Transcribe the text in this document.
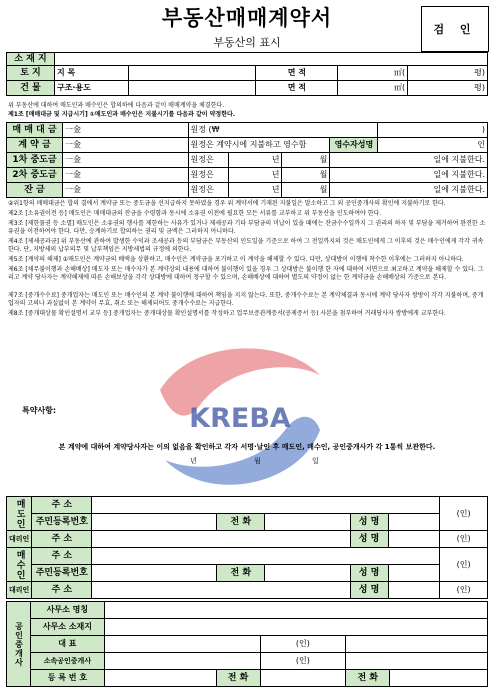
부동산매매계약서
부동산의 표시
검 인
소 재 지					
토 지	지 목		면 적	㎡(	평)
건 물	구조·용도		면 적	㎡(	평)
위 부동산에 대하여 매도인과 매수인은 합의하에 다음과 같이 매매계약을 체결한다.
제1조 [매매대금 및 지급시기] ①매도인과 매수인은 지불시기를 다음과 같이 약정한다.
매 매 대 금	一金	원정 (₩				)
계 약 금	一金	원정은 계약시에 지불하고 영수함			영수자성명	인
1차 중도금	一金	원정은	년	월	일에 지불한다.	
2차 중도금	一金	원정은	년	월	일에 지불한다.	
잔 금	一金	원정은	년	월	일에 지불한다.	
KREBA
②위1항의 매매대금은 합의 결에서 계약금 또는 중도금을 선지급하지 못하였을 경우 위 계약서에 기재된 지불일은 말소하고 그 외 공인중개사의 확인에 지불하기로 한다.
제2조 [소유권이전 등] 매도인은 매매대금의 잔금을 수령함과 동시에 소유권 이전에 필요한 모든 서류를 교부하고 위 부동산을 인도하여야 한다.
제3조 [제한물권 등 소멸] 매도인은 소유권의 행사를 제한하는 사유가 있거나 제세공과 기타 부담금의 미납이 있을 때에는 잔금수수일까지 그 권리의 하자 및 부담을 제거하여 완전한 소유권을 이전하여야 한다. 다만, 승계하기로 합의하는 권리 및 금액은 그러하지 아니하다.
제4조 [제세공과금] 위 부동산에 관하여 발생한 수익과 조세공과 등의 부담금은 부동산의 인도일을 기준으로 하여 그 전일까지의 것은 매도인에게 그 이후의 것은 매수인에게 각각 귀속한다. 단, 지방세의 납부의무 및 납부책임은 지방세법의 규정에 의한다.
제5조 [계약의 해제] ①매도인은 계약금의 배액을 상환하고, 매수인은 계약금을 포기하고 이 계약을 해제할 수 있다. 다만, 상대방이 이행에 착수한 이후에는 그러하지 아니하다.
제6조 [채무불이행과 손해배상] 매도자 또는 매수자가 본 계약상의 내용에 대하여 불이행이 있을 경우 그 상대방은 불이행 한 자에 대하여 서면으로 최고하고 계약을 해제할 수 있다. 그리고 계약 당사자는 계약해제에 따른 손해보상을 각각 상대방에 대하여 청구할 수 있으며, 손해배상에 대하여 별도의 약정이 없는 한 계약금을 손해배상의 기준으로 본다.
제7조 [중개수수료] 중개업자는 매도인 또는 매수인의 본 계약 불이행에 대하여 책임을 지지 않는다. 또한, 중개수수료는 본 계약체결과 동시에 계약 당사자 쌍방이 각각 지불하며, 중개업자의 고의나 과실없이 본 계약이 무효, 취소 또는 해제되어도 중개수수료는 지급한다.
제8조 [중개대상물 확인설명서 교부 등] 중개업자는 중개대상물 확인설명서를 작성하고 업무보증관계증서(공제증서 등) 사본을 첨부하여 거래당사자 쌍방에게 교부한다.
특약사항:
본 계약에 대하여 계약당사자는 이의 없음을 확인하고 각자 서명·날인 후 매도인, 매수인, 공인중개사가 각 1통씩 보관한다.
년	월	일
매도인	주 소						(인)
	주민등록번호		전 화		성 명		
대리인	주 소				성 명		(인)
매수인	주 소						(인)
	주민등록번호		전 화		성 명		
대리인	주 소				성 명		(인)
공인중개사	사무소 명칭					
	사무소 소재지					
	대 표			(인)		
	소속공인중개사			(인)		
	등 록 번 호		전 화		전 화	
